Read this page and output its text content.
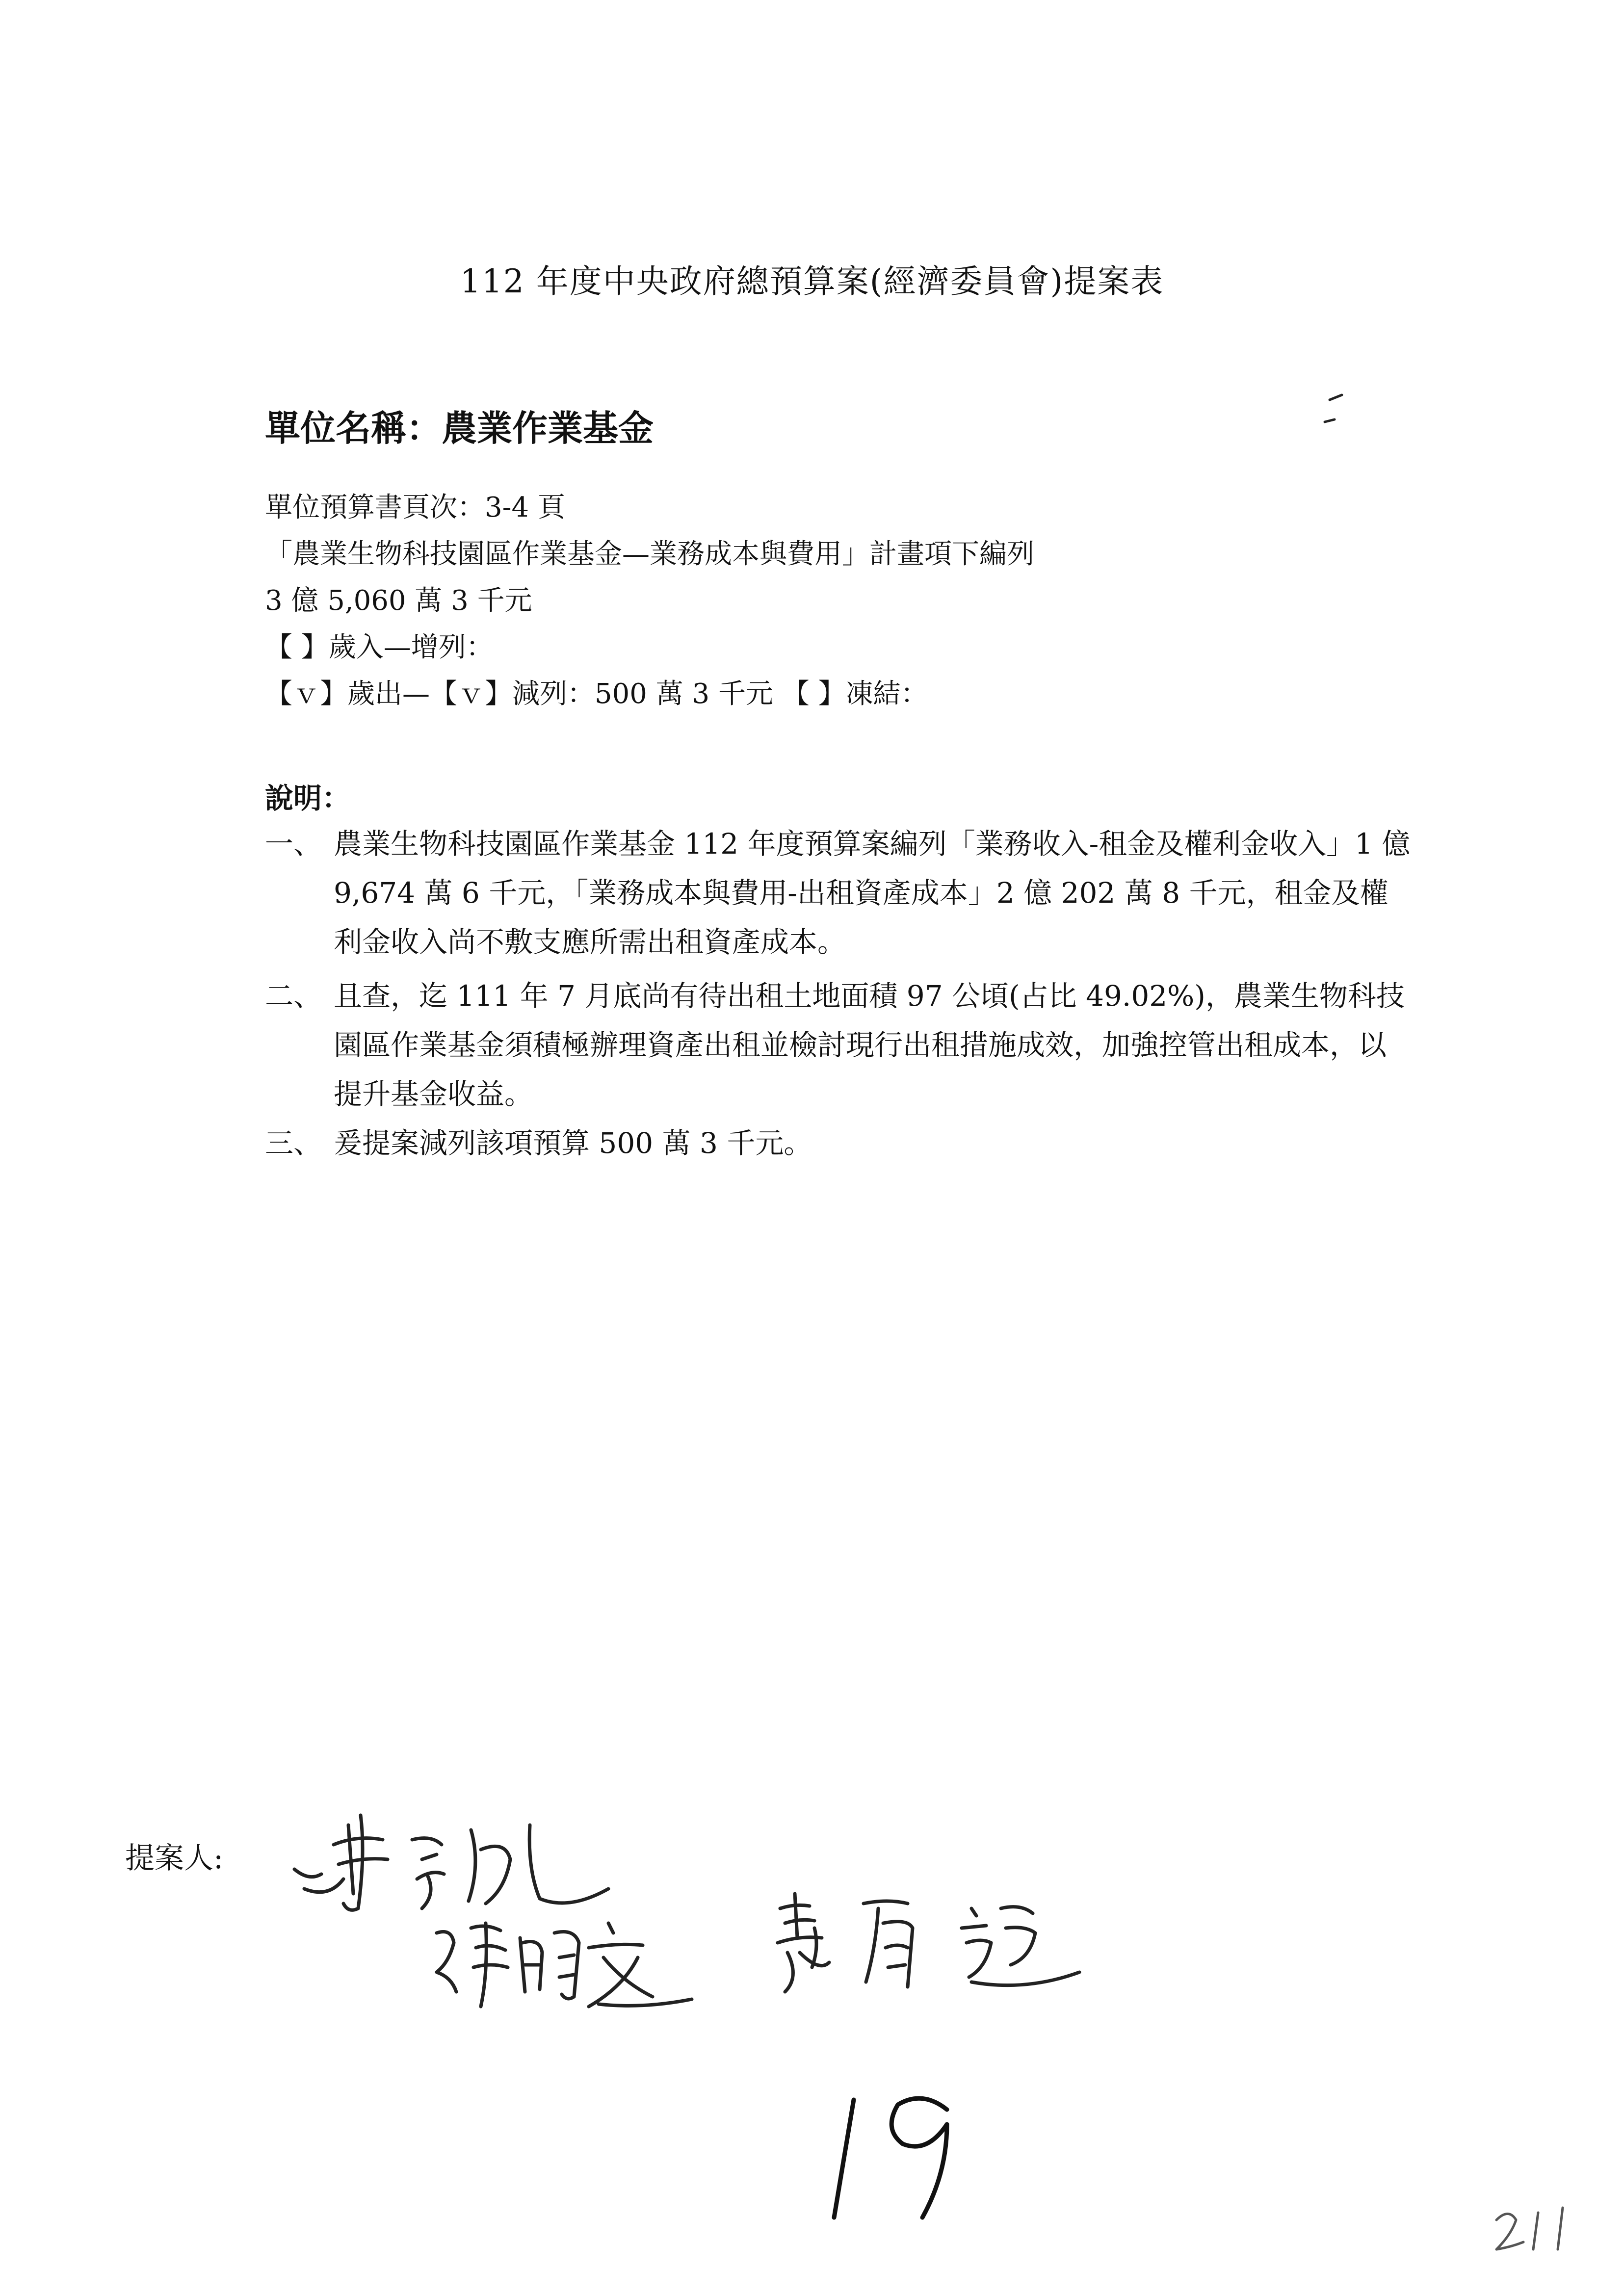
112 年度中央政府總預算案(經濟委員會)提案表
單位名稱：農業作業基金
單位預算書頁次：3-4 頁
「農業生物科技園區作業基金—業務成本與費用」計畫項下編列
3 億 5,060 萬 3 千元
【 】歲入—增列：
【ｖ】歲出—【ｖ】減列：500 萬 3 千元 【 】凍結：
說明：
一、 農業生物科技園區作業基金 112 年度預算案編列「業務收入-租金及權利金收入」1 億 9,674 萬 6 千元，「業務成本與費用-出租資產成本」2 億 202 萬 8 千元，租金及權利金收入尚不敷支應所需出租資產成本。
二、 且查，迄 111 年 7 月底尚有待出租土地面積 97 公頃(占比 49.02%)，農業生物科技園區作業基金須積極辦理資產出租並檢討現行出租措施成效，加強控管出租成本，以提升基金收益。
三、 爰提案減列該項預算 500 萬 3 千元。
提案人:
